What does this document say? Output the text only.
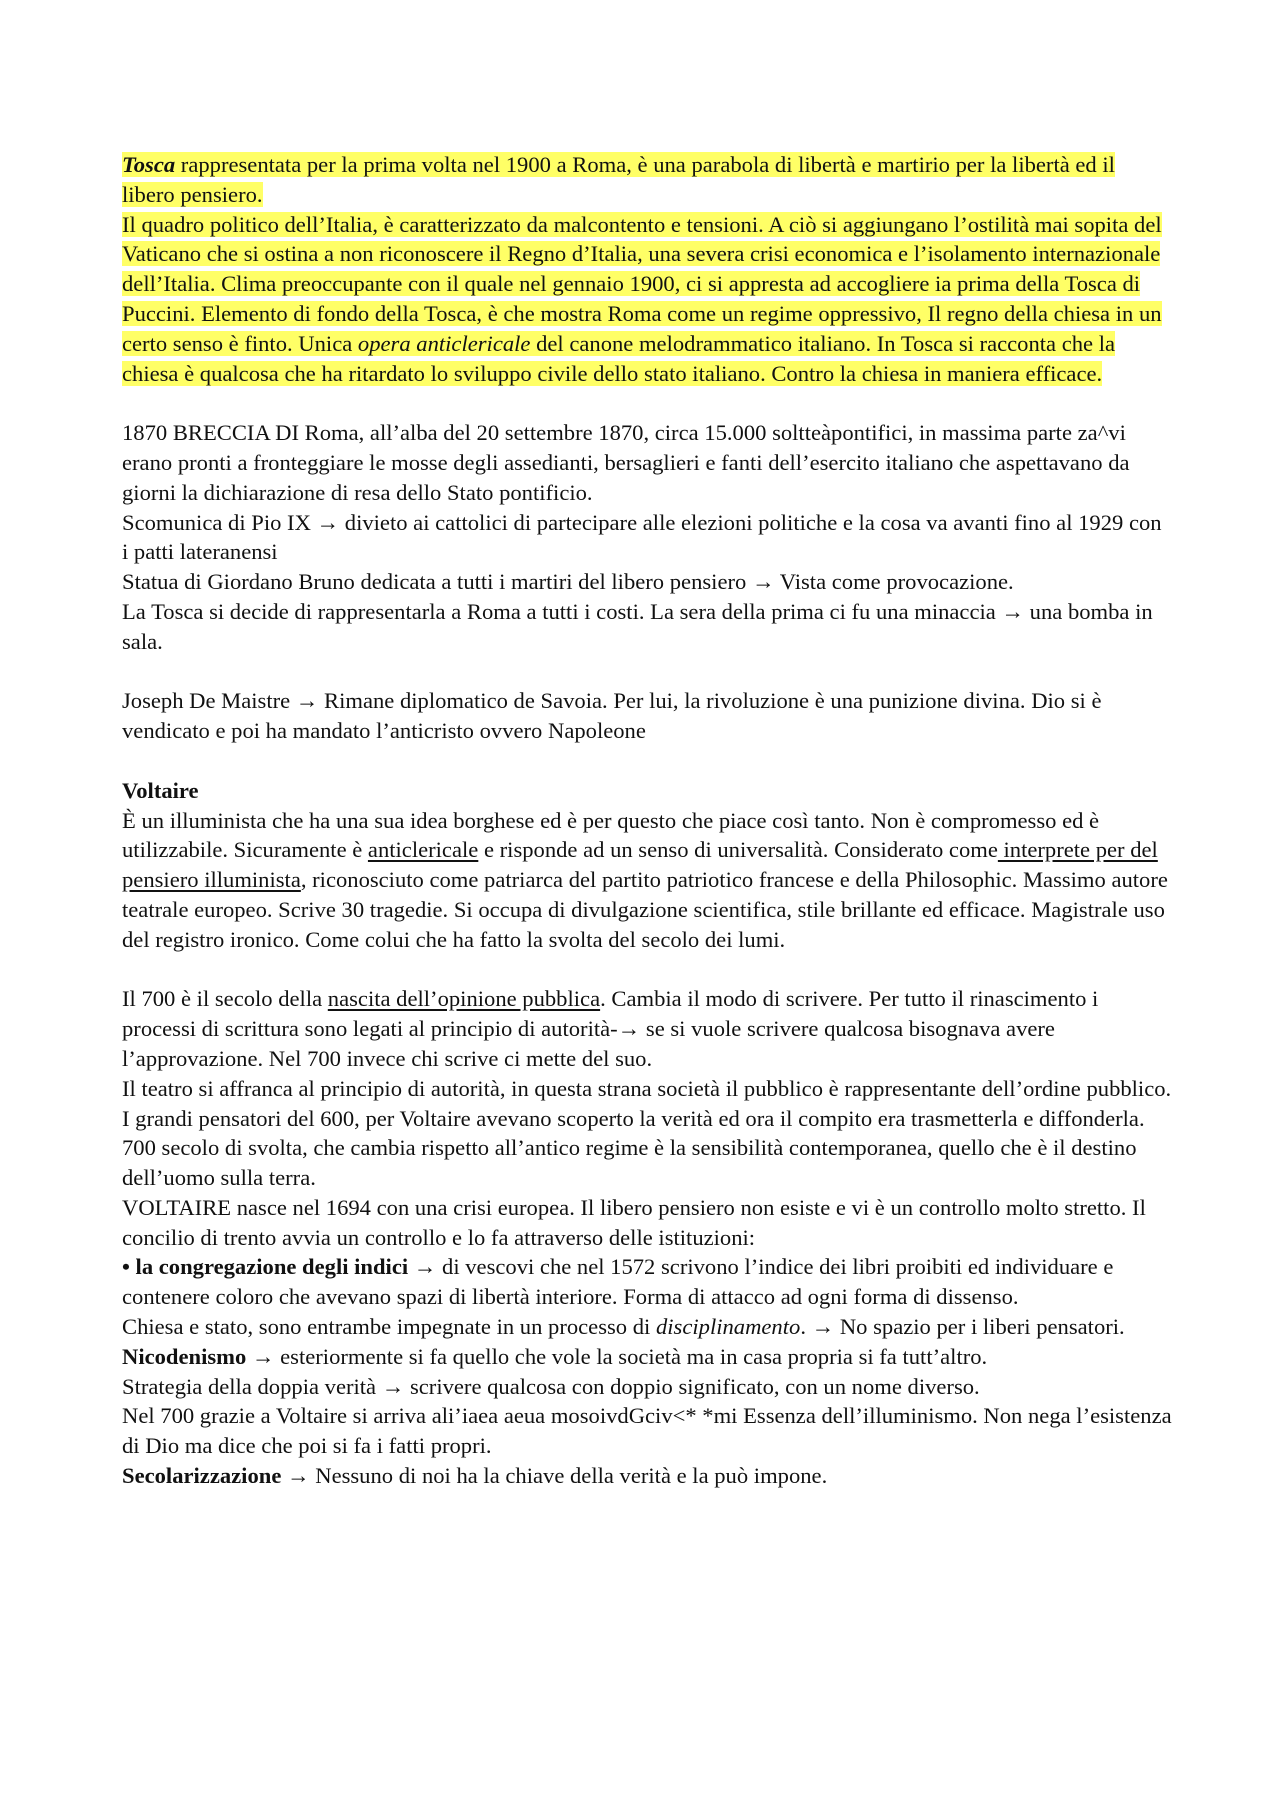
Tosca rappresentata per la prima volta nel 1900 a Roma, è una parabola di libertà e martirio per la libertà ed il libero pensiero.

Il quadro politico dell’Italia, è caratterizzato da malcontento e tensioni. A ciò si aggiungano l’ostilità mai sopita del Vaticano che si ostina a non riconoscere il Regno d’Italia, una severa crisi economica e l’isolamento internazionale dell’Italia. Clima preoccupante con il quale nel gennaio 1900, ci si appresta ad accogliere ia prima della Tosca di Puccini. Elemento di fondo della Tosca, è che mostra Roma come un regime oppressivo, Il regno della chiesa in un certo senso è finto. Unica opera anticlericale del canone melodrammatico italiano. In Tosca si racconta che la chiesa è qualcosa che ha ritardato lo sviluppo civile dello stato italiano. Contro la chiesa in maniera efficace.

1870 BRECCIA DI Roma, all’alba del 20 settembre 1870, circa 15.000 soltteàpontifici, in massima parte za^vi erano pronti a fronteggiare le mosse degli assedianti, bersaglieri e fanti dell’esercito italiano che aspettavano da giorni la dichiarazione di resa dello Stato pontificio.

Scomunica di Pio IX → divieto ai cattolici di partecipare alle elezioni politiche e la cosa va avanti fino al 1929 con i patti lateranensi

Statua di Giordano Bruno dedicata a tutti i martiri del libero pensiero → Vista come provocazione.

La Tosca si decide di rappresentarla a Roma a tutti i costi. La sera della prima ci fu una minaccia → una bomba in sala.

Joseph De Maistre → Rimane diplomatico de Savoia. Per lui, la rivoluzione è una punizione divina. Dio si è vendicato e poi ha mandato l’anticristo ovvero Napoleone

Voltaire

È un illuminista che ha una sua idea borghese ed è per questo che piace così tanto. Non è compromesso ed è utilizzabile. Sicuramente è anticlericale e risponde ad un senso di universalità. Considerato come interprete per del pensiero illuminista, riconosciuto come patriarca del partito patriotico francese e della Philosophic. Massimo autore teatrale europeo. Scrive 30 tragedie. Si occupa di divulgazione scientifica, stile brillante ed efficace. Magistrale uso del registro ironico. Come colui che ha fatto la svolta del secolo dei lumi.

Il 700 è il secolo della nascita dell’opinione pubblica. Cambia il modo di scrivere. Per tutto il rinascimento i processi di scrittura sono legati al principio di autorità-→ se si vuole scrivere qualcosa bisognava avere l’approvazione. Nel 700 invece chi scrive ci mette del suo.

Il teatro si affranca al principio di autorità, in questa strana società il pubblico è rappresentante dell’ordine pubblico. I grandi pensatori del 600, per Voltaire avevano scoperto la verità ed ora il compito era trasmetterla e diffonderla. 700 secolo di svolta, che cambia rispetto all’antico regime è la sensibilità contemporanea, quello che è il destino dell’uomo sulla terra.

VOLTAIRE nasce nel 1694 con una crisi europea. Il libero pensiero non esiste e vi è un controllo molto stretto. Il concilio di trento avvia un controllo e lo fa attraverso delle istituzioni:

• la congregazione degli indici → di vescovi che nel 1572 scrivono l’indice dei libri proibiti ed individuare e contenere coloro che avevano spazi di libertà interiore. Forma di attacco ad ogni forma di dissenso.

Chiesa e stato, sono entrambe impegnate in un processo di disciplinamento. → No spazio per i liberi pensatori.

Nicodenismo → esteriormente si fa quello che vole la società ma in casa propria si fa tutt’altro.

Strategia della doppia verità → scrivere qualcosa con doppio significato, con un nome diverso.

Nel 700 grazie a Voltaire si arriva ali’iaea aeua mosoivdGciv<* *mi Essenza dell’illuminismo. Non nega l’esistenza di Dio ma dice che poi si fa i fatti propri.

Secolarizzazione → Nessuno di noi ha la chiave della verità e la può impone.
